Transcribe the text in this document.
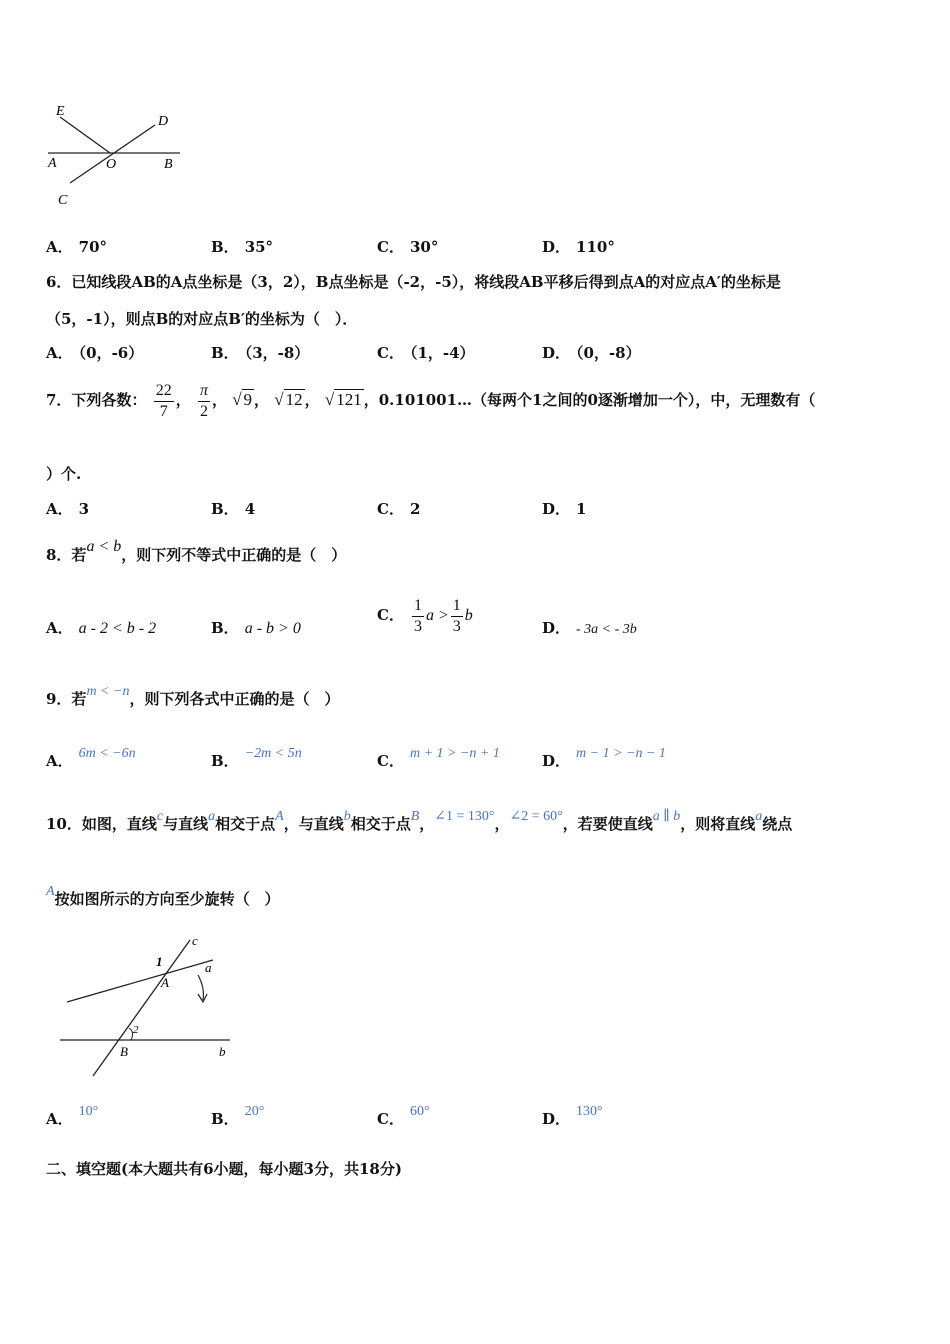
E
D
A	O	B
C
A． 70°	B． 35°	C． 30°	D． 110°
6．已知线段AB的A点坐标是（3，2），B点坐标是（-2，-5），将线段AB平移后得到点A的对应点A′的坐标是
（5，-1），则点B的对应点B′的坐标为（　）．
A． （0，-6）	B． （3，-8）	C． （1，-4）	D． （0，-8）
7．下列各数： $\frac{22}{7}$ ， $\frac{\pi}{2}$ ， √ 9 ， √ 12 ， √ 121 ，0.101001…（每两个1之间的0逐渐增加一个），中，无理数有（
）个.
A． 3	B． 4	C． 2	D． 1
8．若a < b，则下列不等式中正确的是（　）
A． a - 2 < b - 2	B． a - b > 0
C． $\frac{1}{3}$ $a > \frac{1}{3}$ b
D． - 3a < - 3b
9．若m < −n，则下列各式中正确的是（　）
A． 6m < −6n	B． −2m < 5n	C． m + 1 > −n + 1	D． m − 1 > −n − 1
10．如图，直线c与直线a相交于点A，与直线b相交于点B，∠1 = 130°，∠2 = 60°，若要使直线a ∥ b，则将直线a绕点
A按如图所示的方向至少旋转（　）
c
1	a
A
2
B	b
A． 10°	B． 20°	C． 60°	D． 130°
二、填空题(本大题共有6小题，每小题3分，共18分)
